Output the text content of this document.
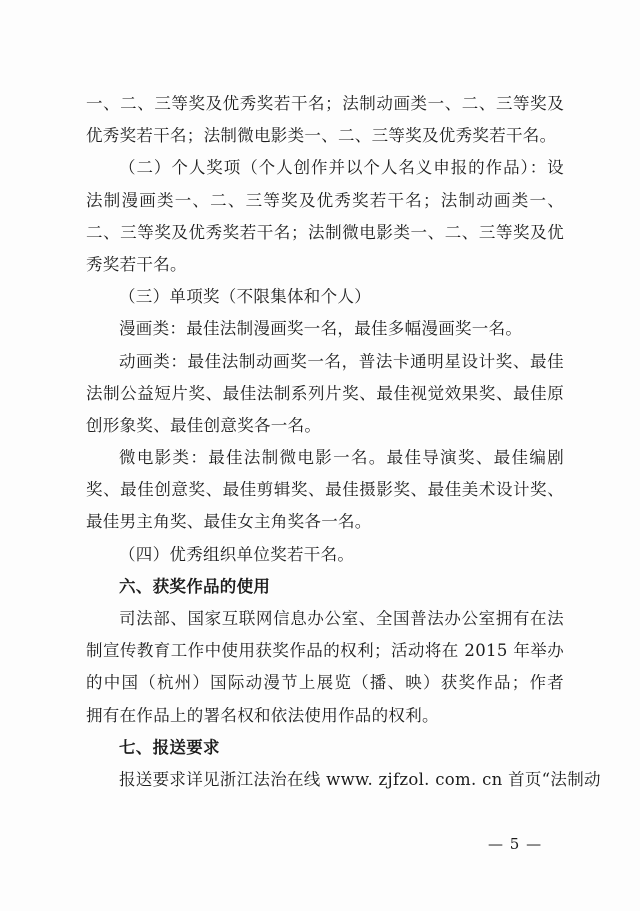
一、二、三等奖及优秀奖若干名；法制动画类一、二、三等奖及
优秀奖若干名；法制微电影类一、二、三等奖及优秀奖若干名。
（二）个人奖项（个人创作并以个人名义申报的作品）：设
法制漫画类一、二、三等奖及优秀奖若干名；法制动画类一、
二、三等奖及优秀奖若干名；法制微电影类一、二、三等奖及优
秀奖若干名。
（三）单项奖（不限集体和个人）
漫画类：最佳法制漫画奖一名，最佳多幅漫画奖一名。
动画类：最佳法制动画奖一名，普法卡通明星设计奖、最佳
法制公益短片奖、最佳法制系列片奖、最佳视觉效果奖、最佳原
创形象奖、最佳创意奖各一名。
微电影类：最佳法制微电影一名。最佳导演奖、最佳编剧
奖、最佳创意奖、最佳剪辑奖、最佳摄影奖、最佳美术设计奖、
最佳男主角奖、最佳女主角奖各一名。
（四）优秀组织单位奖若干名。
六、获奖作品的使用
司法部、国家互联网信息办公室、全国普法办公室拥有在法
制宣传教育工作中使用获奖作品的权利；活动将在 2015 年举办
的中国（杭州）国际动漫节上展览（播、映）获奖作品；作者
拥有在作品上的署名权和依法使用作品的权利。
七、报送要求
报送要求详见浙江法治在线 www. zjfzol. com. cn 首页“法制动
— 5 —
